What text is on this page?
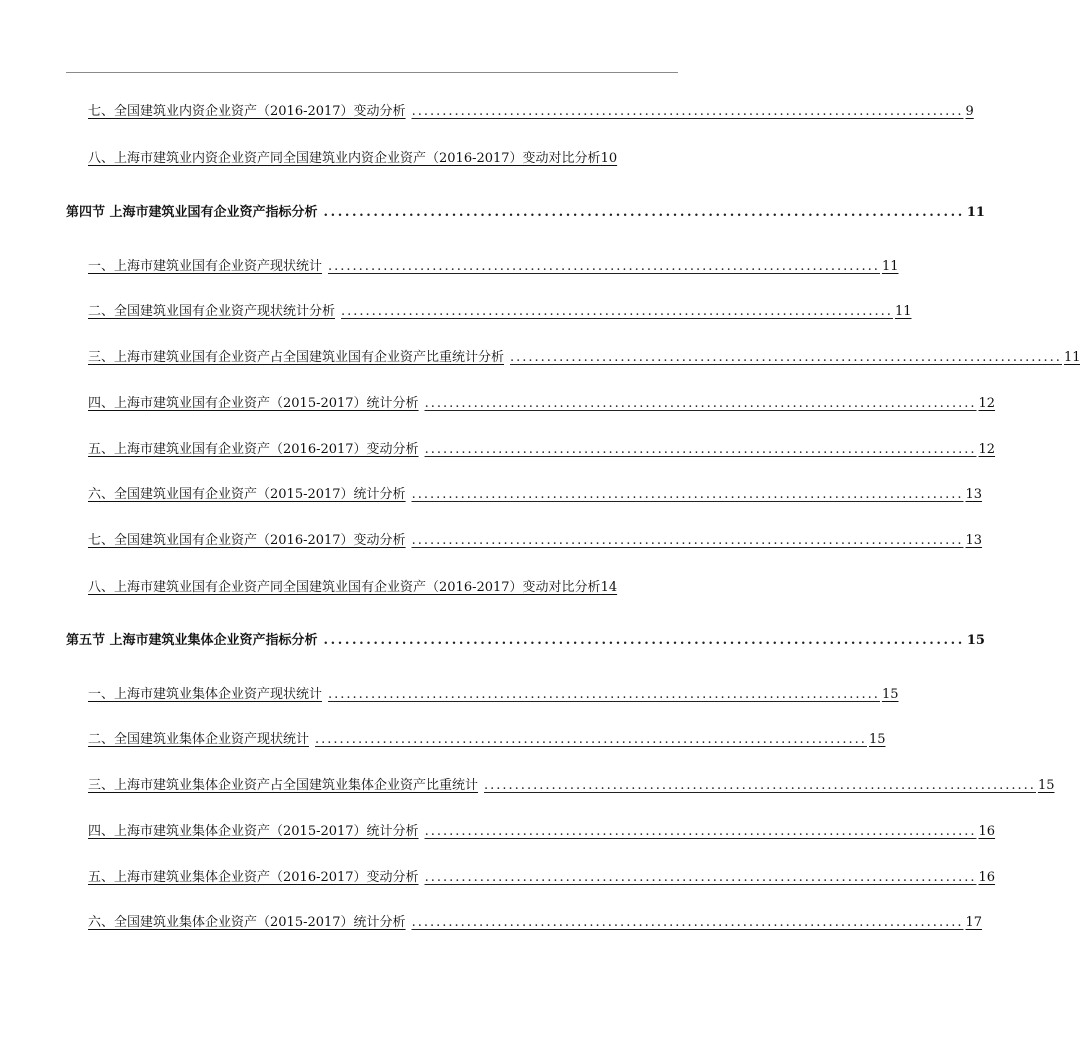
七、全国建筑业内资企业资产（2016-2017）变动分析 .......................................................................................... 9
八、上海市建筑业内资企业资产同全国建筑业内资企业资产（2016-2017）变动对比分析 10
第四节 上海市建筑业国有企业资产指标分析 .......................................................................................... 11
一、上海市建筑业国有企业资产现状统计 .......................................................................................... 11
二、全国建筑业国有企业资产现状统计分析 .......................................................................................... 11
三、上海市建筑业国有企业资产占全国建筑业国有企业资产比重统计分析 .......................................................................................... 11
四、上海市建筑业国有企业资产（2015-2017）统计分析 .......................................................................................... 12
五、上海市建筑业国有企业资产（2016-2017）变动分析 .......................................................................................... 12
六、全国建筑业国有企业资产（2015-2017）统计分析 .......................................................................................... 13
七、全国建筑业国有企业资产（2016-2017）变动分析 .......................................................................................... 13
八、上海市建筑业国有企业资产同全国建筑业国有企业资产（2016-2017）变动对比分析 14
第五节 上海市建筑业集体企业资产指标分析 .......................................................................................... 15
一、上海市建筑业集体企业资产现状统计 .......................................................................................... 15
二、全国建筑业集体企业资产现状统计 .......................................................................................... 15
三、上海市建筑业集体企业资产占全国建筑业集体企业资产比重统计 .......................................................................................... 15
四、上海市建筑业集体企业资产（2015-2017）统计分析 .......................................................................................... 16
五、上海市建筑业集体企业资产（2016-2017）变动分析 .......................................................................................... 16
六、全国建筑业集体企业资产（2015-2017）统计分析 .......................................................................................... 17
